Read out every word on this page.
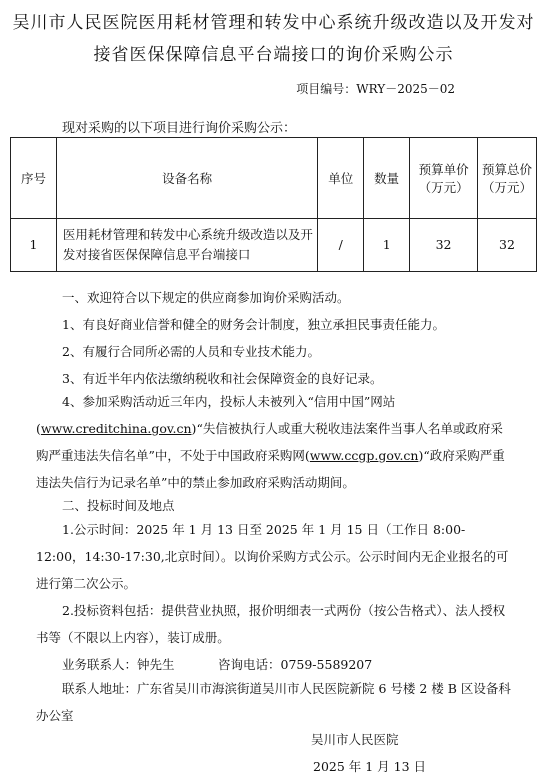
吴川市人民医院医用耗材管理和转发中心系统升级改造以及开发对
接省医保保障信息平台端接口的询价采购公示
项目编号：WRY－2025－02
现对采购的以下项目进行询价采购公示：
序号	设备名称	单位	数量	预算单价（万元）	预算总价（万元）
1	医用耗材管理和转发中心系统升级改造以及开发对接省医保保障信息平台端接口	/	1	32	32
一、欢迎符合以下规定的供应商参加询价采购活动。
1、有良好商业信誉和健全的财务会计制度，独立承担民事责任能力。
2、有履行合同所必需的人员和专业技术能力。
3、有近半年内依法缴纳税收和社会保障资金的良好记录。
4、参加采购活动近三年内，投标人未被列入“信用中国”网站(www.creditchina.gov.cn)“失信被执行人或重大税收违法案件当事人名单或政府采购严重违法失信名单”中，不处于中国政府采购网(www.ccgp.gov.cn)“政府采购严重违法失信行为记录名单”中的禁止参加政府采购活动期间。
二、投标时间及地点
1.公示时间：2025 年 1 月 13 日至 2025 年 1 月 15 日（工作日 8:00-12:00，14:30-17:30,北京时间）。以询价采购方式公示。公示时间内无企业报名的可进行第二次公示。
2.投标资料包括：提供营业执照，报价明细表一式两份（按公告格式）、法人授权书等（不限以上内容），装订成册。
业务联系人：钟先生	咨询电话：0759-5589207
联系人地址：广东省吴川市海滨街道吴川市人民医院新院 6 号楼 2 楼 B 区设备科办公室
吴川市人民医院
2025 年 1 月 13 日
